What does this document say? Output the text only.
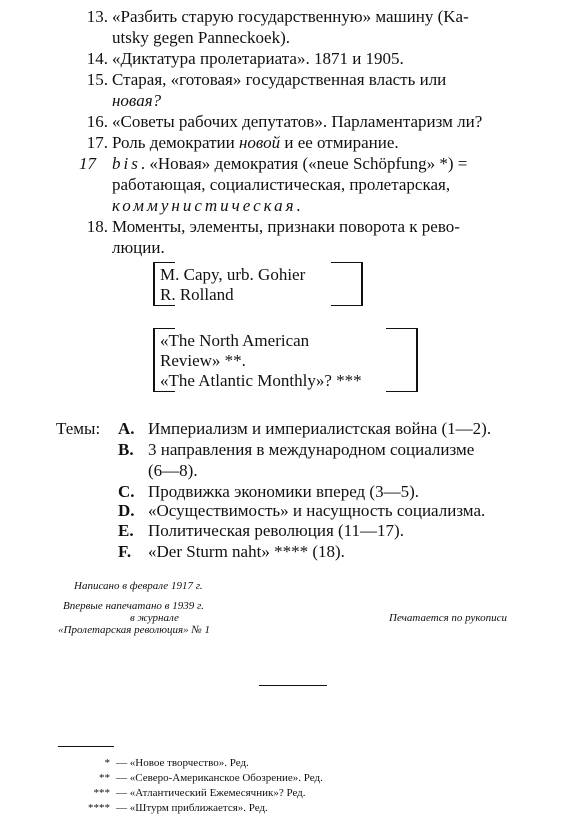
13. «Разбить старую государственную» машину (Ka-
utsky gegen Panneckoek).
14. «Диктатура пролетариата». 1871 и 1905.
15. Старая, «готовая» государственная власть или
новая?
16. «Советы рабочих депутатов». Парламентаризм ли?
17. Роль демократии новой и ее отмирание.
17 bis. «Новая» демократия («neue Schöpfung» *) =
работающая, социалистическая, пролетарская,
коммунистическая.
18. Моменты, элементы, признаки поворота к рево-
люции.
M. Capy, urb. Gohier
R. Rolland
«The North American
Review» **.
«The Atlantic Monthly»? ***
Темы: A. Империализм и империалистская война (1—2).
B. 3 направления в международном социализме
(6—8).
C. Продвижка экономики вперед (3—5).
D. «Осуществимость» и насущность социализма.
E. Политическая революция (11—17).
F. «Der Sturm naht» **** (18).
Написано в феврале 1917 г.
Впервые напечатано в 1939 г.
в журнале
«Пролетарская революция» № 1
Печатается по рукописи
* — «Новое творчество». Ред.
** — «Северо-Американское Обозрение». Ред.
*** — «Атлантический Ежемесячник»? Ред.
**** — «Штурм приближается». Ред.
